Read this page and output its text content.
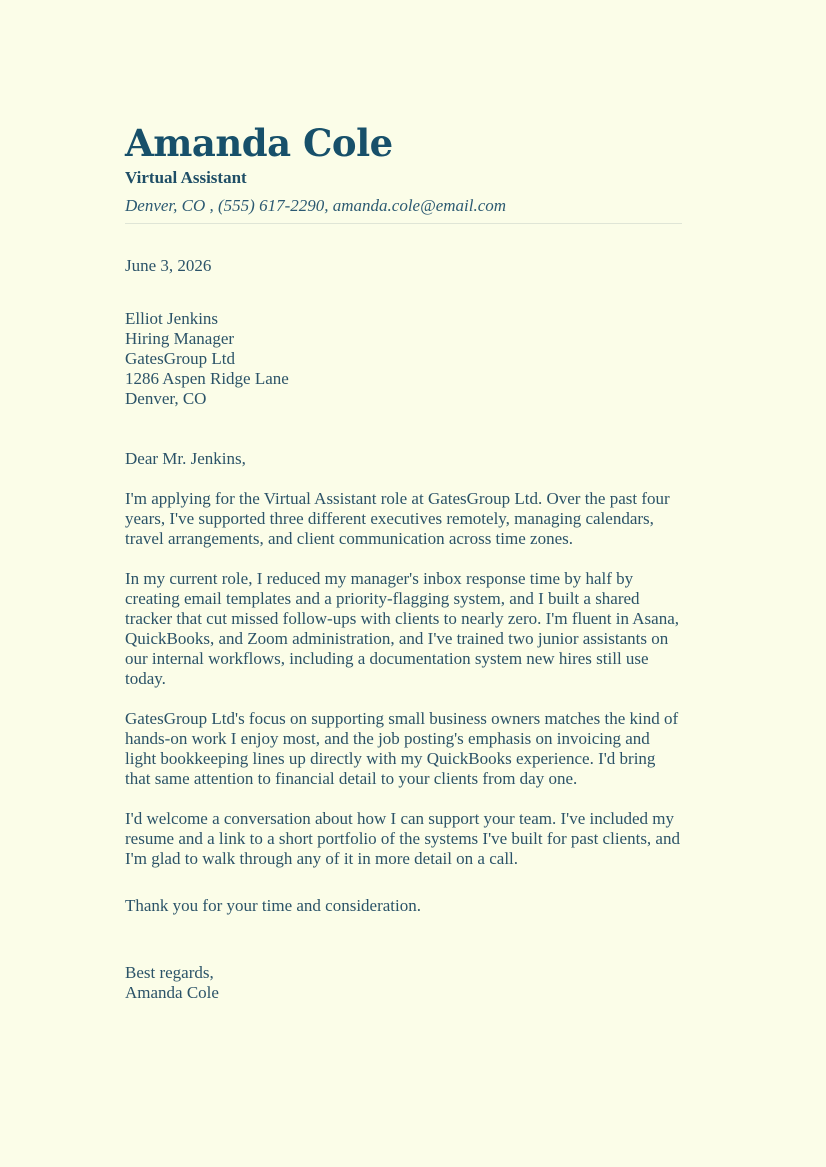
Amanda Cole
Virtual Assistant
Denver, CO , (555) 617-2290, amanda.cole@email.com
June 3, 2026
Elliot Jenkins
Hiring Manager
GatesGroup Ltd
1286 Aspen Ridge Lane
Denver, CO
Dear Mr. Jenkins,
I'm applying for the Virtual Assistant role at GatesGroup Ltd. Over the past four years, I've supported three different executives remotely, managing calendars, travel arrangements, and client communication across time zones.
In my current role, I reduced my manager's inbox response time by half by creating email templates and a priority-flagging system, and I built a shared tracker that cut missed follow-ups with clients to nearly zero. I'm fluent in Asana, QuickBooks, and Zoom administration, and I've trained two junior assistants on our internal workflows, including a documentation system new hires still use today.
GatesGroup Ltd's focus on supporting small business owners matches the kind of hands-on work I enjoy most, and the job posting's emphasis on invoicing and light bookkeeping lines up directly with my QuickBooks experience. I'd bring that same attention to financial detail to your clients from day one.
I'd welcome a conversation about how I can support your team. I've included my resume and a link to a short portfolio of the systems I've built for past clients, and I'm glad to walk through any of it in more detail on a call.
Thank you for your time and consideration.
Best regards,
Amanda Cole
